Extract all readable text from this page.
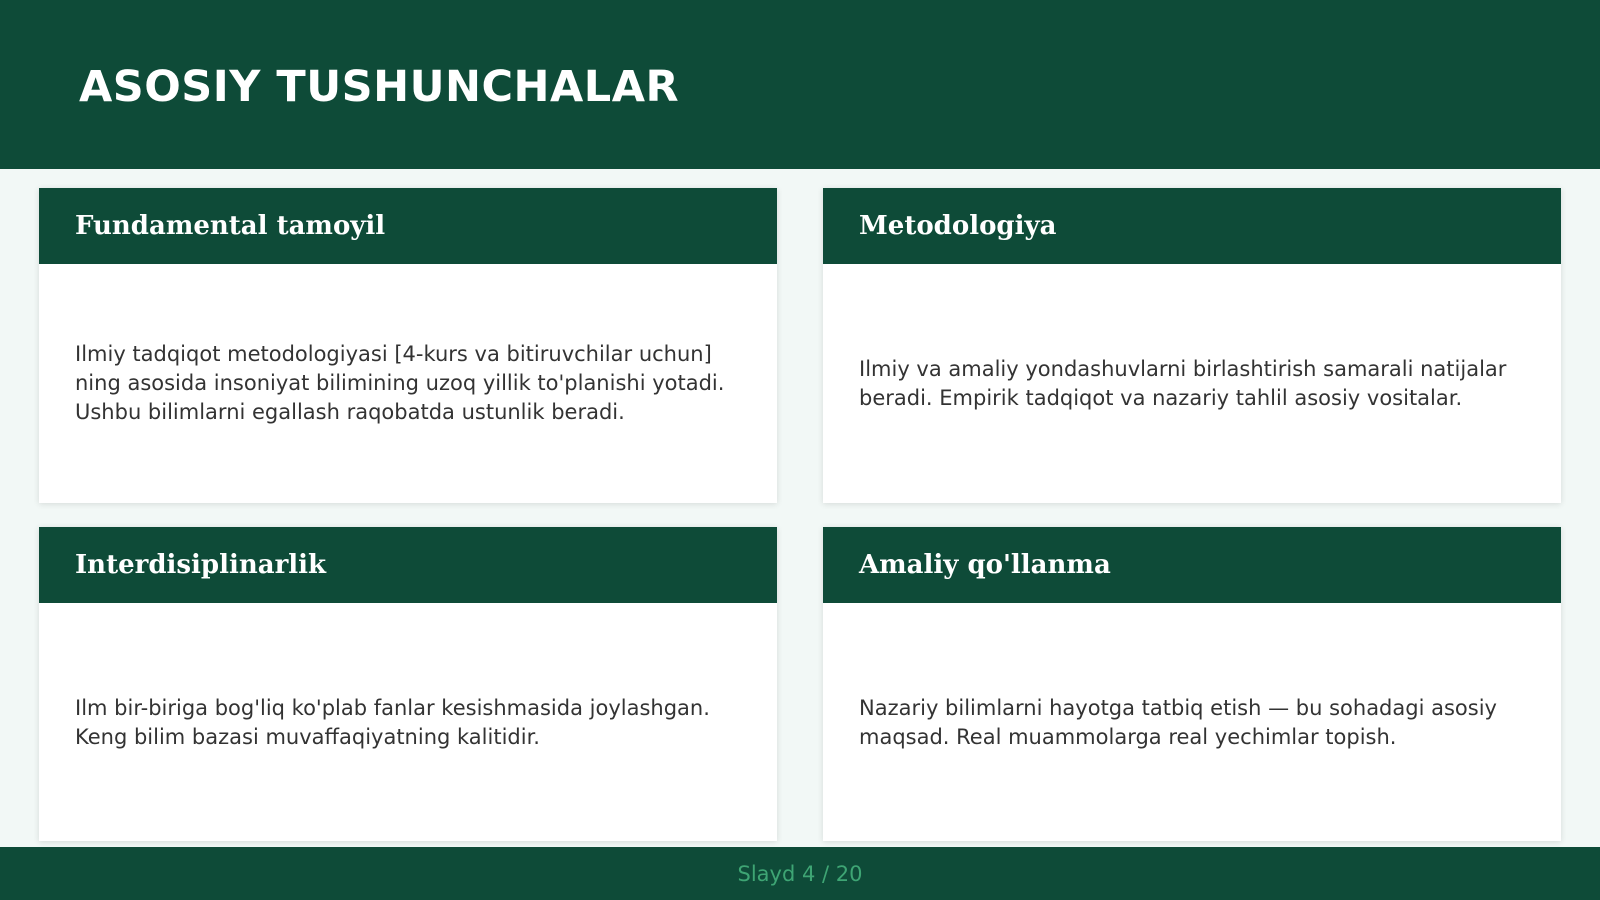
ASOSIY TUSHUNCHALAR
Fundamental tamoyil

Ilmiy tadqiqot metodologiyasi [4-kurs va bitiruvchilar uchun] ning asosida insoniyat bilimining uzoq yillik to'planishi yotadi. Ushbu bilimlarni egallash raqobatda ustunlik beradi.

Metodologiya

Ilmiy va amaliy yondashuvlarni birlashtirish samarali natijalar beradi. Empirik tadqiqot va nazariy tahlil asosiy vositalar.

Interdisiplinarlik

Ilm bir-biriga bog'liq ko'plab fanlar kesishmasida joylashgan. Keng bilim bazasi muvaffaqiyatning kalitidir.

Amaliy qo'llanma

Nazariy bilimlarni hayotga tatbiq etish — bu sohadagi asosiy maqsad. Real muammolarga real yechimlar topish.

Slayd 4 / 20
